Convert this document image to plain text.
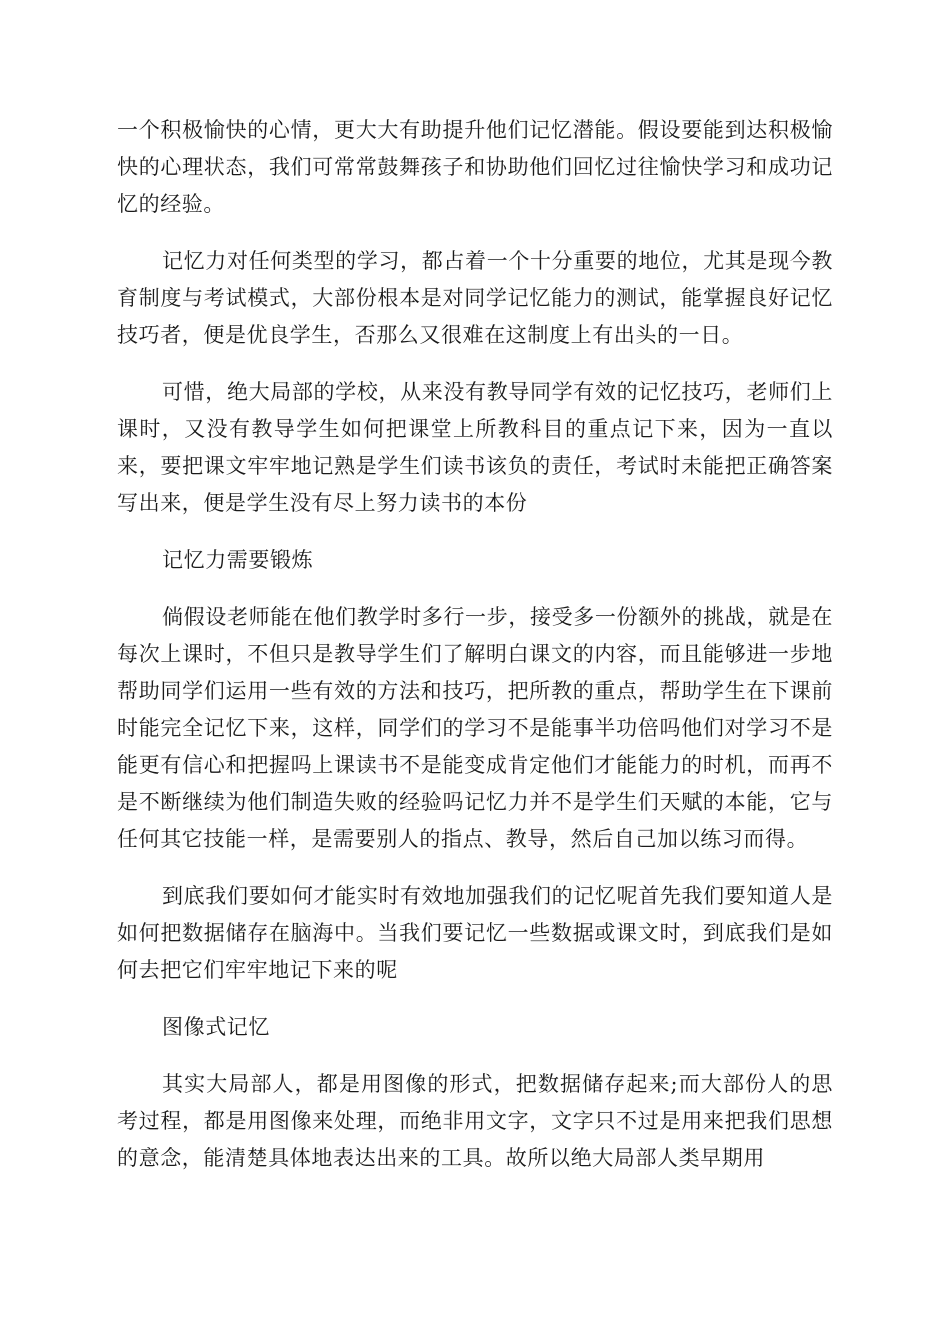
一个积极愉快的心情，更大大有助提升他们记忆潜能。假设要能到达积极愉快的心理状态，我们可常常鼓舞孩子和协助他们回忆过往愉快学习和成功记忆的经验。

记忆力对任何类型的学习，都占着一个十分重要的地位，尤其是现今教育制度与考试模式，大部份根本是对同学记忆能力的测试，能掌握良好记忆技巧者，便是优良学生，否那么又很难在这制度上有出头的一日。

可惜，绝大局部的学校，从来没有教导同学有效的记忆技巧，老师们上课时，又没有教导学生如何把课堂上所教科目的重点记下来，因为一直以来，要把课文牢牢地记熟是学生们读书该负的责任，考试时未能把正确答案写出来，便是学生没有尽上努力读书的本份

记忆力需要锻炼

倘假设老师能在他们教学时多行一步，接受多一份额外的挑战，就是在每次上课时，不但只是教导学生们了解明白课文的内容，而且能够进一步地帮助同学们运用一些有效的方法和技巧，把所教的重点，帮助学生在下课前时能完全记忆下来，这样，同学们的学习不是能事半功倍吗他们对学习不是能更有信心和把握吗上课读书不是能变成肯定他们才能能力的时机，而再不是不断继续为他们制造失败的经验吗记忆力并不是学生们天赋的本能，它与任何其它技能一样，是需要别人的指点、教导，然后自己加以练习而得。

到底我们要如何才能实时有效地加强我们的记忆呢首先我们要知道人是如何把数据储存在脑海中。当我们要记忆一些数据或课文时，到底我们是如何去把它们牢牢地记下来的呢

图像式记忆

其实大局部人，都是用图像的形式，把数据储存起来;而大部份人的思考过程，都是用图像来处理，而绝非用文字，文字只不过是用来把我们思想的意念，能清楚具体地表达出来的工具。故所以绝大局部人类早期用
